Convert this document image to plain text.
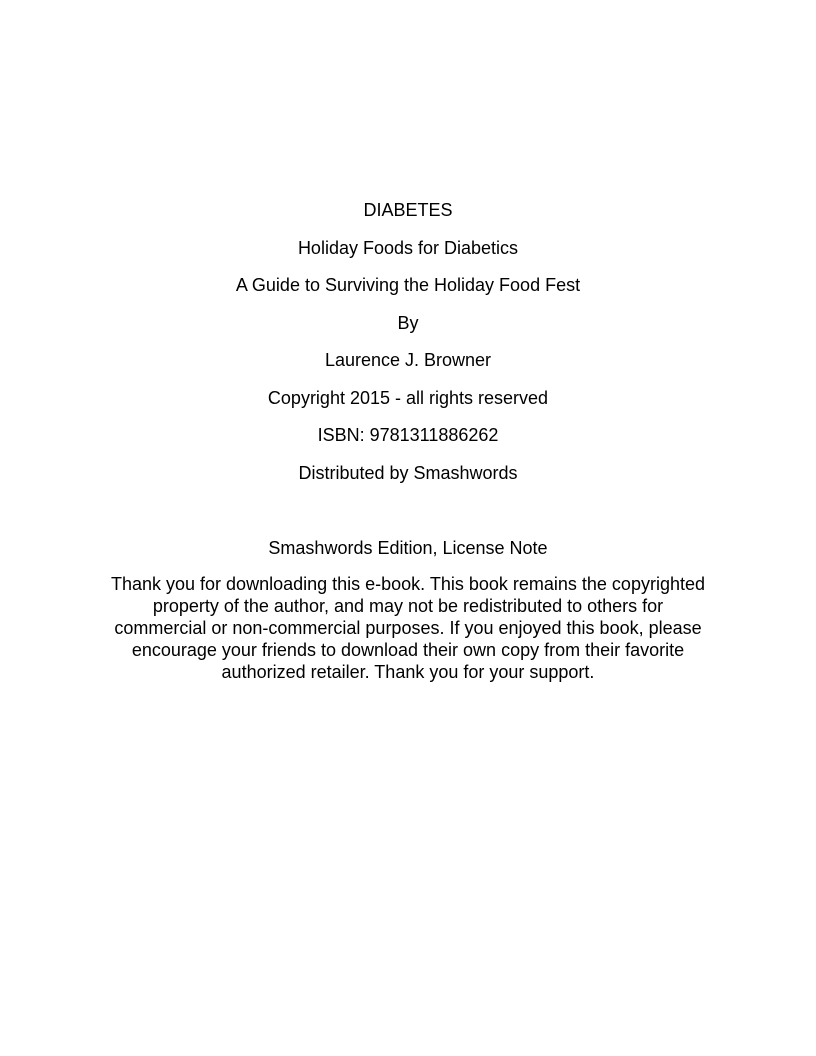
DIABETES
Holiday Foods for Diabetics
A Guide to Surviving the Holiday Food Fest
By
Laurence J. Browner
Copyright 2015 - all rights reserved
ISBN: 9781311886262
Distributed by Smashwords
Smashwords Edition, License Note

Thank you for downloading this e-book. This book remains the copyrighted
property of the author, and may not be redistributed to others for
commercial or non-commercial purposes. If you enjoyed this book, please
encourage your friends to download their own copy from their favorite
authorized retailer. Thank you for your support.
